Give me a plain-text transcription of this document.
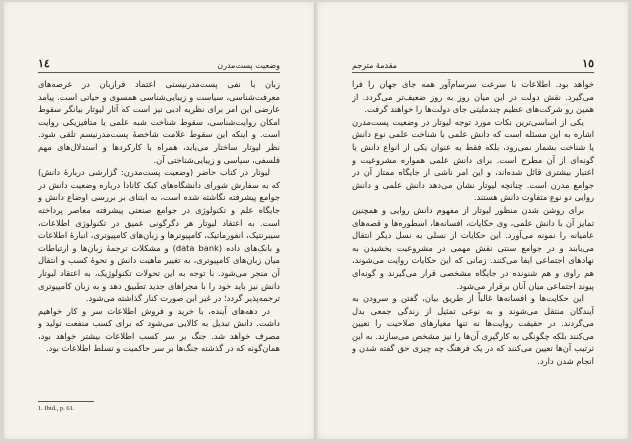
١٤	وضعیت پست‌مدرن

زبان با نفی پست‌مدرنیستی اعتماد فرازبان در عرصه‌های معرفت‌شناسی، سیاست و زیبایی‌شناسی همسوی و حیاتی است. پیامد عارضی این امر برای نظریه ادبی نیز است که آثار لیوتار بیانگر سقوط امکان روایت‌شناسی، سقوط شناخت شبه علمی یا متافیزیکی روایت است. و اینکه این سقوط علامت شاخصهٔ پست‌مدرنیسم تلقی شود. نظر لیوتار ساختار می‌یابد، همراه با کارکردها و استدلال‌های مهم فلسفی، سیاسی و زیبایی‌شناختی آن.

لیوتار در کتاب حاضر (وضعیت پست‌مدرن: گزارشی دربارهٔ دانش) که به سفارش شورای دانشگاه‌های کبک کانادا درباره وضعیت دانش در جوامع پیشرفته نگاشته شده است، به ابتنای بر بررسی اوضاع دانش و جایگاه علم و تکنولوژی در جوامع صنعتی پیشرفته معاصر پرداخته است. به اعتقاد لیوتار هر دگرگونی عمیق در تکنولوژی اطلاعات، سیبرنتیک، انفورماتیک، کامپیوترها و زبان‌های کامپیوتری، انبارهٔ اطلاعات و بانک‌های داده (data bank) و مشکلات ترجمهٔ زبان‌ها و ارتباطات میان زبان‌های کامپیوتری، به تغییر ماهیت دانش و نحوهٔ کسب و انتقال آن منجر می‌شود. با توجه به این تحولات تکنولوژیک، به اعتقاد لیوتار دانش نیز باید خود را با مجراهای جدید تطبیق دهد و به زبان کامپیوتری ترجمه‌پذیر گردد؛ در غیر این صورت کنار گذاشته می‌شود.

در دهه‌های آینده، با خرید و فروش اطلاعات سر و کار خواهیم داشت. دانش تبدیل به کالایی می‌شود که برای کسب منفعت تولید و مصرف خواهد شد. جنگ بر سر کسب اطلاعات بیشتر خواهد بود، همان‌گونه که در گذشته جنگ‌ها بر سر حاکمیت و تسلط اطلاعات بود.

1. Ibid., p. 61.
مقدمهٔ مترجم	١٥

خواهد بود. اطلاعات با سرعت سرسام‌آور همه جای جهان را فرا می‌گیرد. نقش دولت در این میان روز به روز ضعیف‌تر می‌گردد. از همین رو شرکت‌های عظیم چندملیتی جای دولت‌ها را خواهند گرفت.

یکی از اساسی‌ترین نکات مورد توجه لیوتار در وضعیت پست‌مدرن اشاره به این مسئله است که دانش علمی با شناخت علمی نوع دانش یا شناخت بشمار نمی‌رود، بلکه فقط به عنوان یکی از انواع دانش یا گونه‌ای از آن مطرح است. برای دانش علمی همواره مشروعیت و اعتبار بیشتری قائل شده‌اند، و این امر ناشی از جایگاه ممتاز آن در جوامع مدرن است. چنانچه لیوتار نشان می‌دهد دانش علمی و دانش روایی دو نوع متفاوت دانش هستند.

برای روشن شدن منظور لیوتار از مفهوم دانش روایی و همچنین تمایز آن با دانش علمی، وی حکایات، افسانه‌ها، اسطوره‌ها و قصه‌های عامیانه را نمونه می‌آورد. این حکایات از نسلی به نسل دیگر انتقال می‌یابند و در جوامع سنتی نقش مهمی در مشروعیت بخشیدن به نهادهای اجتماعی ایفا می‌کنند. زمانی که این حکایات روایت می‌شوند، هم راوی و هم شنونده در جایگاه مشخصی قرار می‌گیرند و گونه‌ای پیوند اجتماعی میان آنان برقرار می‌شود.

این حکایت‌ها و افسانه‌ها غالباً از طریق بیان، گفتن و سرودن به آیندگان منتقل می‌شوند و به نوعی تمثیل از زندگی جمعی بدل می‌گردند. در حقیقت روایت‌ها نه تنها معیارهای صلاحیت را تعیین می‌کنند بلکه چگونگی به کارگیری آن‌ها را نیز مشخص می‌سازند. به این ترتیب آن‌ها تعیین می‌کنند که در یک فرهنگ چه چیزی حق گفته شدن و انجام شدن دارد.
